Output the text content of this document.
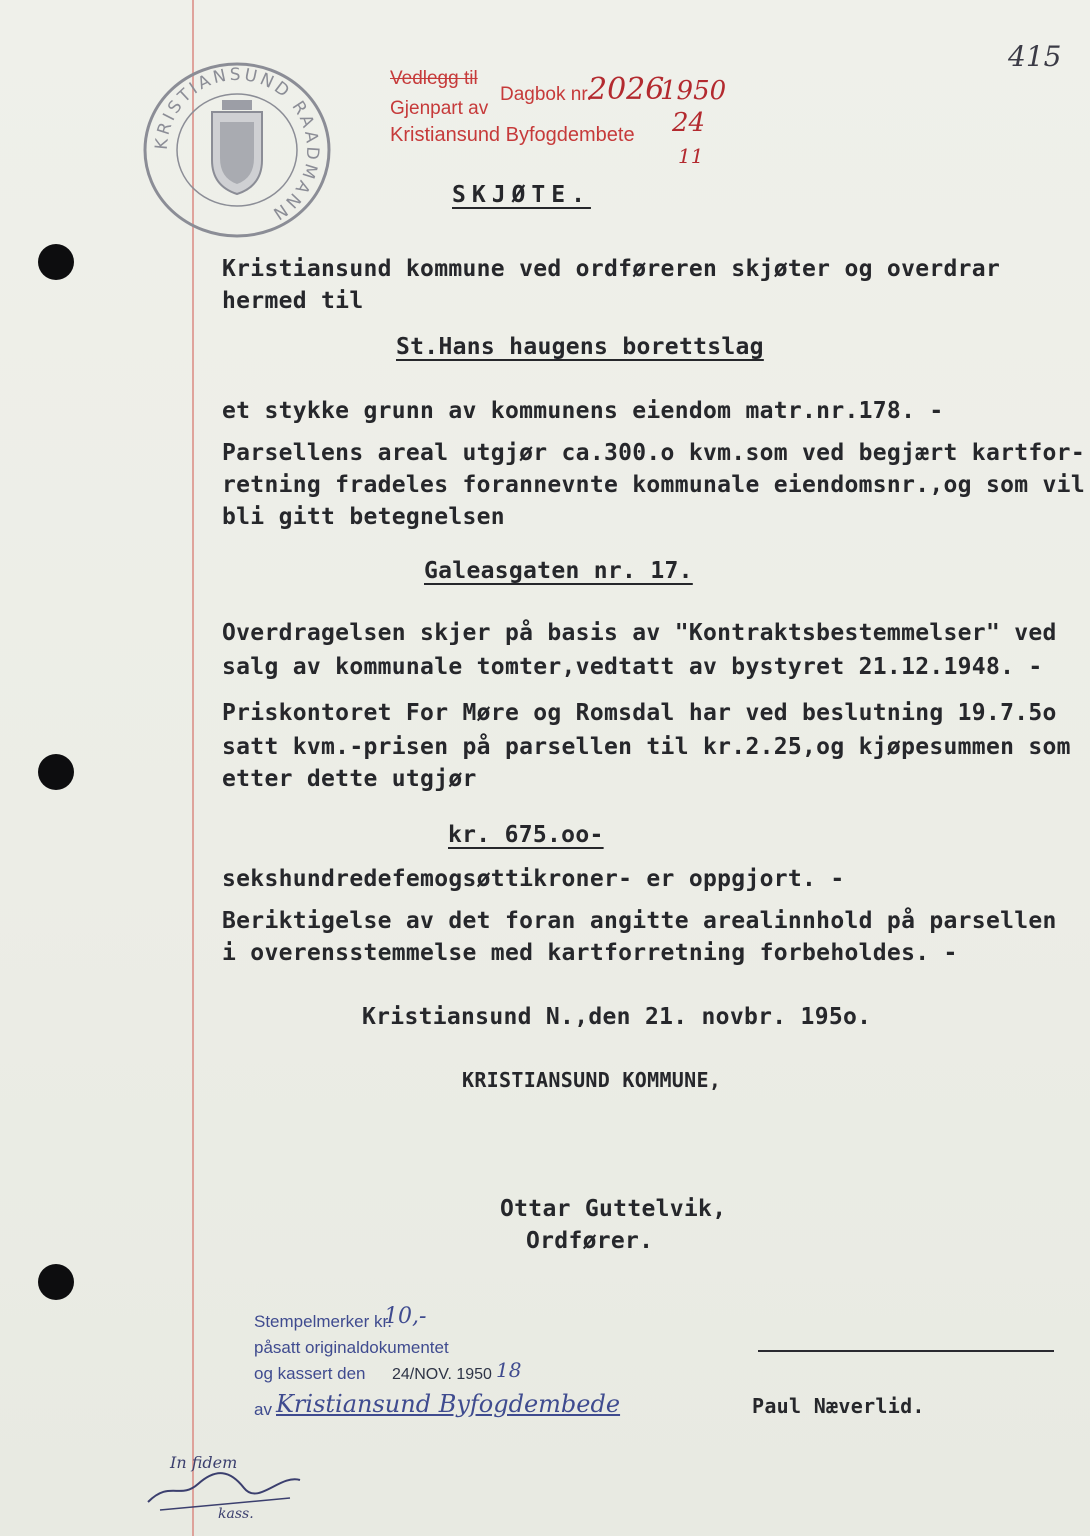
KRISTIANSUND RAADMANN
415
Vedlegg til
Dagbok nr.
2026
1950
Gjenpart av
Kristiansund Byfogdembete 24
11
SKJØTE.
Kristiansund kommune ved ordføreren skjøter og overdrar
hermed til
St.Hans haugens borettslag
et stykke grunn av kommunens eiendom matr.nr.178. -
Parsellens areal utgjør ca.300.o kvm.som ved begjært kartfor-
retning fradeles forannevnte kommunale eiendomsnr.,og som vil
bli gitt betegnelsen
Galeasgaten nr. 17.
Overdragelsen skjer på basis av "Kontraktsbestemmelser" ved
salg av kommunale tomter,vedtatt av bystyret 21.12.1948. -
Priskontoret For Møre og Romsdal har ved beslutning 19.7.5o
satt kvm.-prisen på parsellen til kr.2.25,og kjøpesummen som
etter dette utgjør
kr. 675.oo-
sekshundredefemogsøttikroner- er oppgjort. -
Beriktigelse av det foran angitte arealinnhold på parsellen
i overensstemmelse med kartforretning forbeholdes. -
Kristiansund N.,den 21. novbr. 195o.
KRISTIANSUND KOMMUNE,
Ottar Guttelvik,
Ordfører.
Paul Næverlid.
Stempelmerker kr.
10,-
påsatt originaldokumentet
og kassert den 24/NOV. 1950 18
av Kristiansund Byfogdembede
In fidem
kass.
